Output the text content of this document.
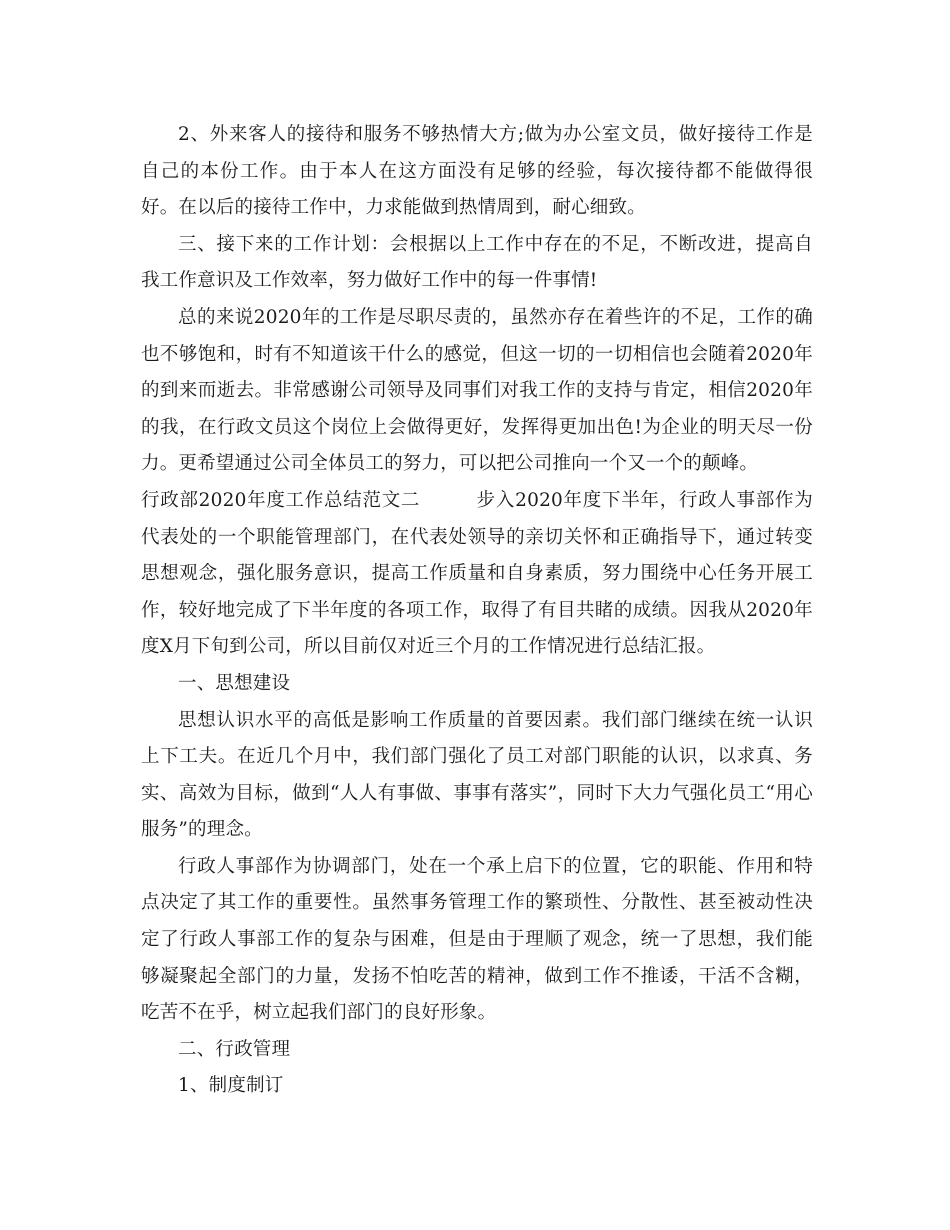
2、外来客人的接待和服务不够热情大方;做为办公室文员，做好接待工作是自己的本份工作。由于本人在这方面没有足够的经验，每次接待都不能做得很好。在以后的接待工作中，力求能做到热情周到，耐心细致。

三、接下来的工作计划：会根据以上工作中存在的不足，不断改进，提高自我工作意识及工作效率，努力做好工作中的每一件事情!

总的来说2020年的工作是尽职尽责的，虽然亦存在着些许的不足，工作的确也不够饱和，时有不知道该干什么的感觉，但这一切的一切相信也会随着2020年的到来而逝去。非常感谢公司领导及同事们对我工作的支持与肯定，相信2020年的我，在行政文员这个岗位上会做得更好，发挥得更加出色!为企业的明天尽一份力。更希望通过公司全体员工的努力，可以把公司推向一个又一个的颠峰。

行政部2020年度工作总结范文二	步入2020年度下半年，行政人事部作为代表处的一个职能管理部门，在代表处领导的亲切关怀和正确指导下，通过转变思想观念，强化服务意识，提高工作质量和自身素质，努力围绕中心任务开展工作，较好地完成了下半年度的各项工作，取得了有目共睹的成绩。因我从2020年度X月下旬到公司，所以目前仅对近三个月的工作情况进行总结汇报。

一、思想建设

思想认识水平的高低是影响工作质量的首要因素。我们部门继续在统一认识上下工夫。在近几个月中，我们部门强化了员工对部门职能的认识，以求真、务实、高效为目标，做到“人人有事做、事事有落实”，同时下大力气强化员工“用心服务”的理念。

行政人事部作为协调部门，处在一个承上启下的位置，它的职能、作用和特点决定了其工作的重要性。虽然事务管理工作的繁琐性、分散性、甚至被动性决定了行政人事部工作的复杂与困难，但是由于理顺了观念，统一了思想，我们能够凝聚起全部门的力量，发扬不怕吃苦的精神，做到工作不推诿，干活不含糊，吃苦不在乎，树立起我们部门的良好形象。

二、行政管理

1、制度制订
